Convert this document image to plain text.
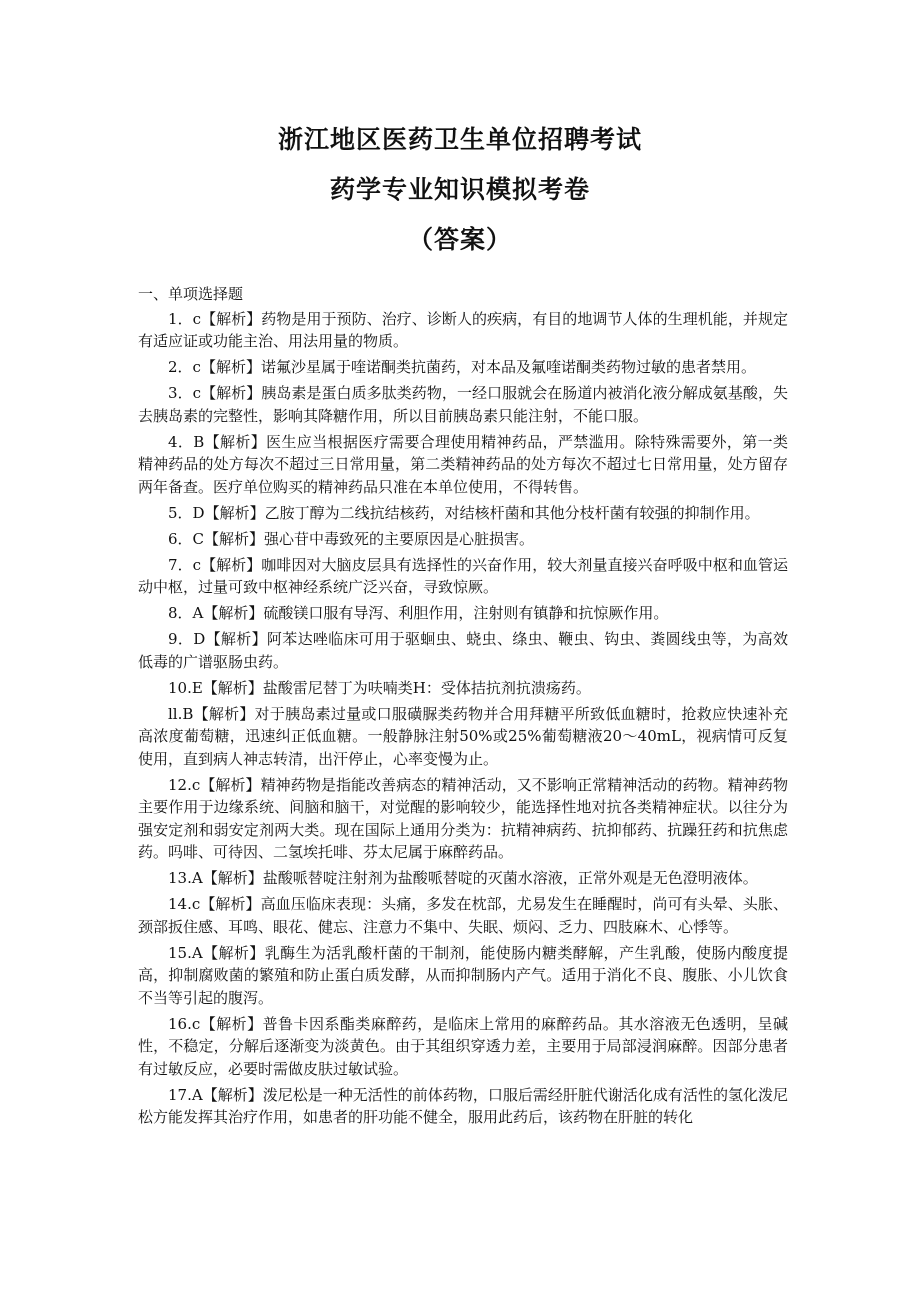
浙江地区医药卫生单位招聘考试
药学专业知识模拟考卷
（答案）
一、单项选择题

1．c【解析】药物是用于预防、治疗、诊断人的疾病，有目的地调节人体的生理机能，并规定有适应证或功能主治、用法用量的物质。

2．c【解析】诺氟沙星属于喹诺酮类抗菌药，对本品及氟喹诺酮类药物过敏的患者禁用。

3．c【解析】胰岛素是蛋白质多肽类药物，一经口服就会在肠道内被消化液分解成氨基酸，失去胰岛素的完整性，影响其降糖作用，所以目前胰岛素只能注射，不能口服。

4．B【解析】医生应当根据医疗需要合理使用精神药品，严禁滥用。除特殊需要外，第一类精神药品的处方每次不超过三日常用量，第二类精神药品的处方每次不超过七日常用量，处方留存两年备查。医疗单位购买的精神药品只准在本单位使用，不得转售。

5．D【解析】乙胺丁醇为二线抗结核药，对结核杆菌和其他分枝杆菌有较强的抑制作用。

6．C【解析】强心苷中毒致死的主要原因是心脏损害。

7．c【解析】咖啡因对大脑皮层具有选择性的兴奋作用，较大剂量直接兴奋呼吸中枢和血管运动中枢，过量可致中枢神经系统广泛兴奋，寻致惊厥。

8．A【解析】硫酸镁口服有导泻、利胆作用，注射则有镇静和抗惊厥作用。

9．D【解析】阿苯达唑临床可用于驱蛔虫、蛲虫、绦虫、鞭虫、钩虫、粪圆线虫等，为高效低毒的广谱驱肠虫药。

10.E【解析】盐酸雷尼替丁为呋喃类H：受体拮抗剂抗溃疡药。

ll.B【解析】对于胰岛素过量或口服磺脲类药物并合用拜糖平所致低血糖时，抢救应快速补充高浓度葡萄糖，迅速纠正低血糖。一般静脉注射50%或25%葡萄糖液20～40mL，视病情可反复使用，直到病人神志转清，出汗停止，心率变慢为止。

12.c【解析】精神药物是指能改善病态的精神活动，又不影响正常精神活动的药物。精神药物主要作用于边缘系统、间脑和脑干，对觉醒的影响较少，能选择性地对抗各类精神症状。以往分为强安定剂和弱安定剂两大类。现在国际上通用分类为：抗精神病药、抗抑郁药、抗躁狂药和抗焦虑药。吗啡、可待因、二氢埃托啡、芬太尼属于麻醉药品。

13.A【解析】盐酸哌替啶注射剂为盐酸哌替啶的灭菌水溶液，正常外观是无色澄明液体。

14.c【解析】高血压临床表现：头痛，多发在枕部，尤易发生在睡醒时，尚可有头晕、头胀、颈部扳住感、耳鸣、眼花、健忘、注意力不集中、失眠、烦闷、乏力、四肢麻木、心悸等。

15.A【解析】乳酶生为活乳酸杆菌的干制剂，能使肠内糖类酵解，产生乳酸，使肠内酸度提高，抑制腐败菌的繁殖和防止蛋白质发酵，从而抑制肠内产气。适用于消化不良、腹胀、小儿饮食不当等引起的腹泻。

16.c【解析】普鲁卡因系酯类麻醉药，是临床上常用的麻醉药品。其水溶液无色透明，呈碱性，不稳定，分解后逐渐变为淡黄色。由于其组织穿透力差，主要用于局部浸润麻醉。因部分患者有过敏反应，必要时需做皮肤过敏试验。

17.A【解析】泼尼松是一种无活性的前体药物，口服后需经肝脏代谢活化成有活性的氢化泼尼松方能发挥其治疗作用，如患者的肝功能不健全，服用此药后，该药物在肝脏的转化
